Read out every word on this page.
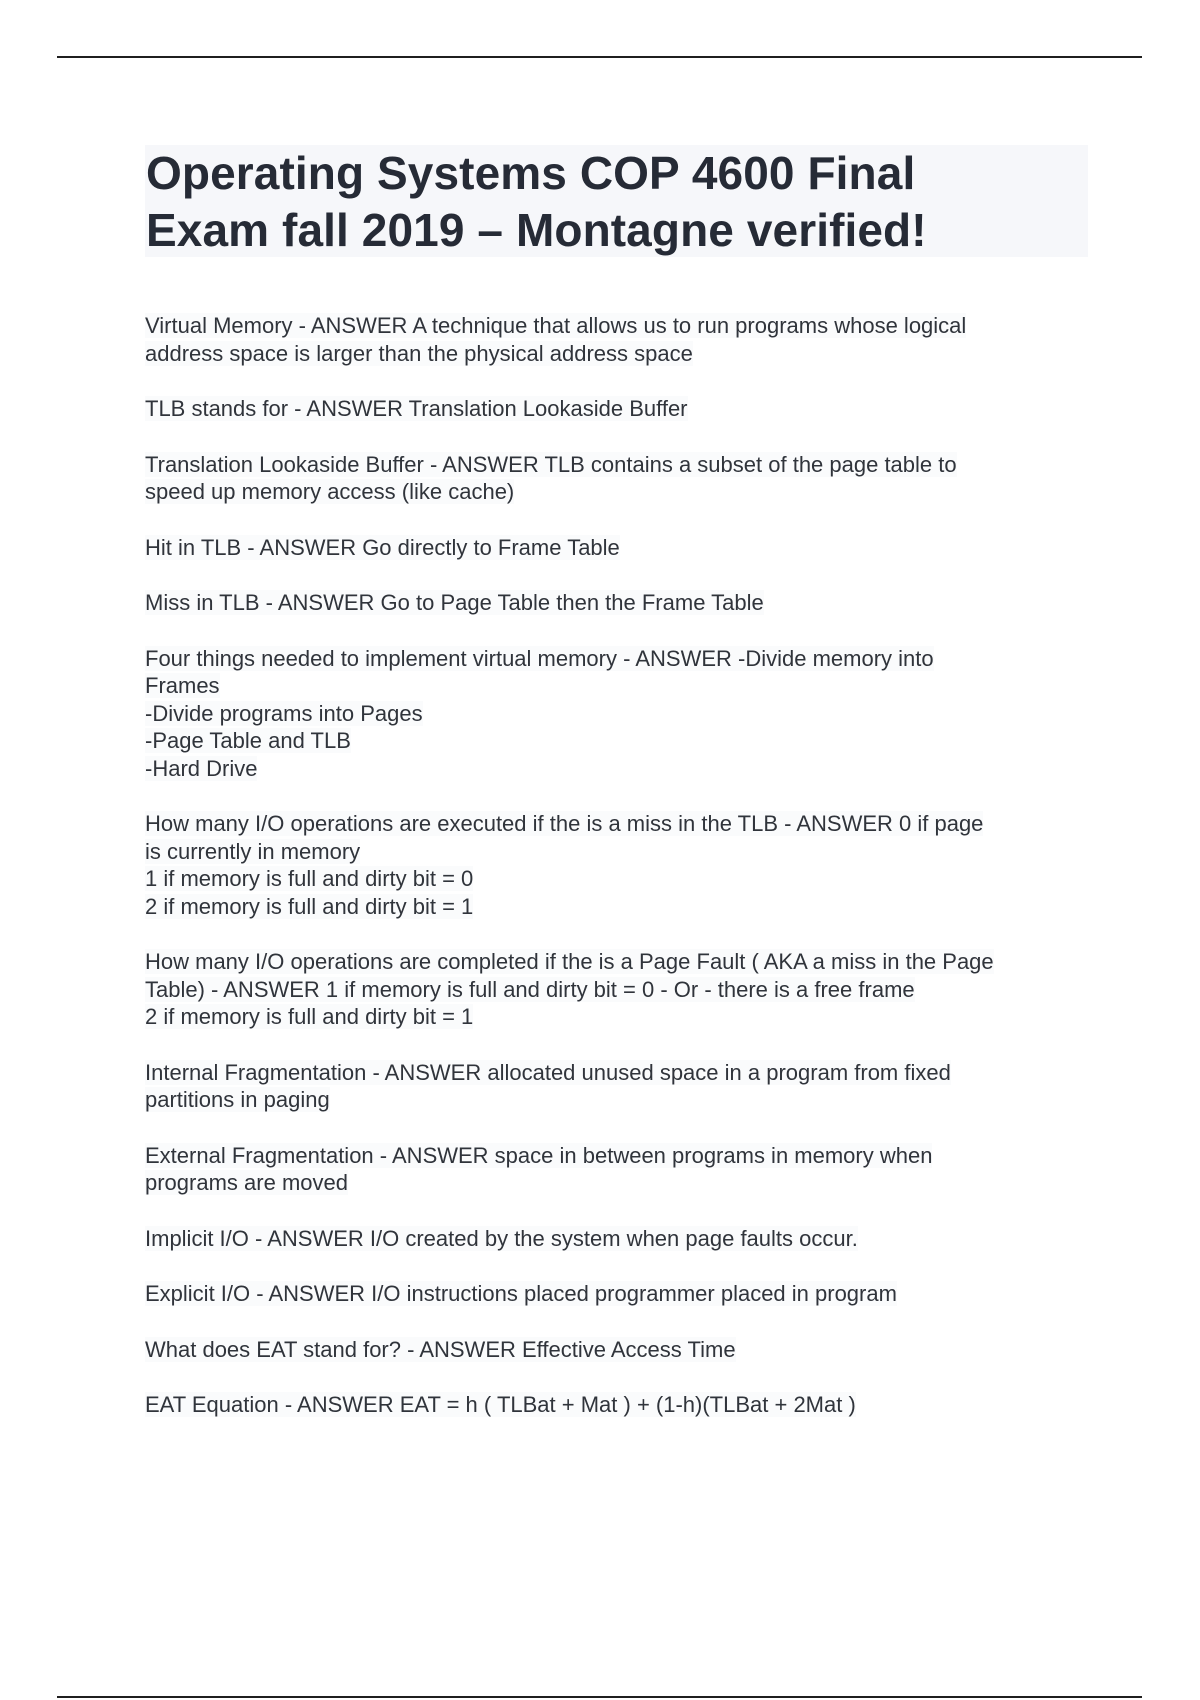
Operating Systems COP 4600 Final
Exam fall 2019 – Montagne verified!
Virtual Memory - ANSWER A technique that allows us to run programs whose logical
address space is larger than the physical address space
TLB stands for - ANSWER Translation Lookaside Buffer
Translation Lookaside Buffer - ANSWER TLB contains a subset of the page table to
speed up memory access (like cache)
Hit in TLB - ANSWER Go directly to Frame Table
Miss in TLB - ANSWER Go to Page Table then the Frame Table
Four things needed to implement virtual memory - ANSWER -Divide memory into
Frames
-Divide programs into Pages
-Page Table and TLB
-Hard Drive
How many I/O operations are executed if the is a miss in the TLB - ANSWER 0 if page
is currently in memory
1 if memory is full and dirty bit = 0
2 if memory is full and dirty bit = 1
How many I/O operations are completed if the is a Page Fault ( AKA a miss in the Page
Table) - ANSWER 1 if memory is full and dirty bit = 0 - Or - there is a free frame
2 if memory is full and dirty bit = 1
Internal Fragmentation - ANSWER allocated unused space in a program from fixed
partitions in paging
External Fragmentation - ANSWER space in between programs in memory when
programs are moved
Implicit I/O - ANSWER I/O created by the system when page faults occur.
Explicit I/O - ANSWER I/O instructions placed programmer placed in program
What does EAT stand for? - ANSWER Effective Access Time
EAT Equation - ANSWER EAT = h ( TLBat + Mat ) + (1-h)(TLBat + 2Mat )
